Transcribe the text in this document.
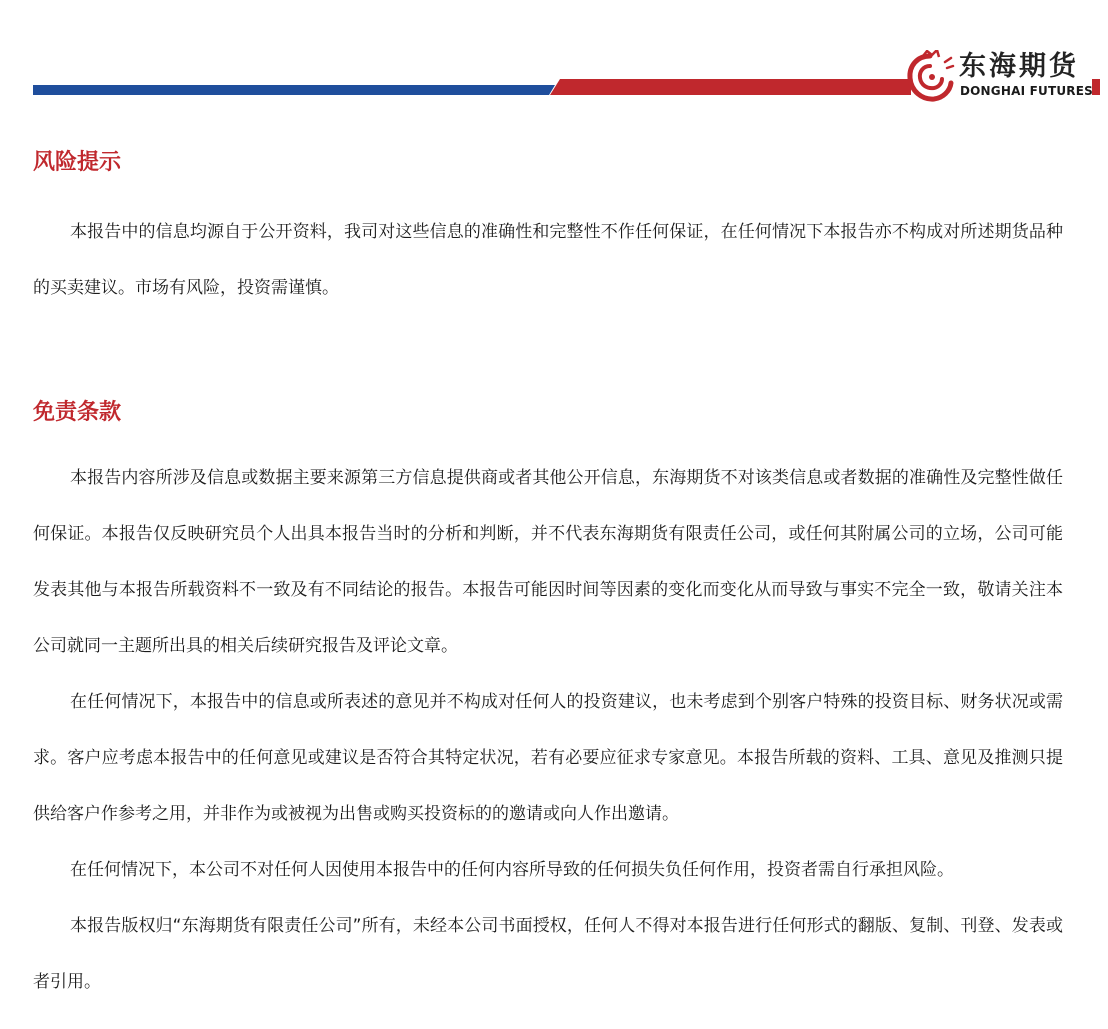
东海期货
DONGHAI FUTURES
风险提示

本报告中的信息均源自于公开资料，我司对这些信息的准确性和完整性不作任何保证，在任何情况下本报告亦不构成对所述期货品种的买卖建议。市场有风险，投资需谨慎。

免责条款

本报告内容所涉及信息或数据主要来源第三方信息提供商或者其他公开信息，东海期货不对该类信息或者数据的准确性及完整性做任何保证。本报告仅反映研究员个人出具本报告当时的分析和判断，并不代表东海期货有限责任公司，或任何其附属公司的立场，公司可能发表其他与本报告所载资料不一致及有不同结论的报告。本报告可能因时间等因素的变化而变化从而导致与事实不完全一致，敬请关注本公司就同一主题所出具的相关后续研究报告及评论文章。

在任何情况下，本报告中的信息或所表述的意见并不构成对任何人的投资建议，也未考虑到个别客户特殊的投资目标、财务状况或需求。客户应考虑本报告中的任何意见或建议是否符合其特定状况，若有必要应征求专家意见。本报告所载的资料、工具、意见及推测只提供给客户作参考之用，并非作为或被视为出售或购买投资标的的邀请或向人作出邀请。

在任何情况下，本公司不对任何人因使用本报告中的任何内容所导致的任何损失负任何作用，投资者需自行承担风险。

本报告版权归“东海期货有限责任公司”所有，未经本公司书面授权，任何人不得对本报告进行任何形式的翻版、复制、刊登、发表或者引用。
